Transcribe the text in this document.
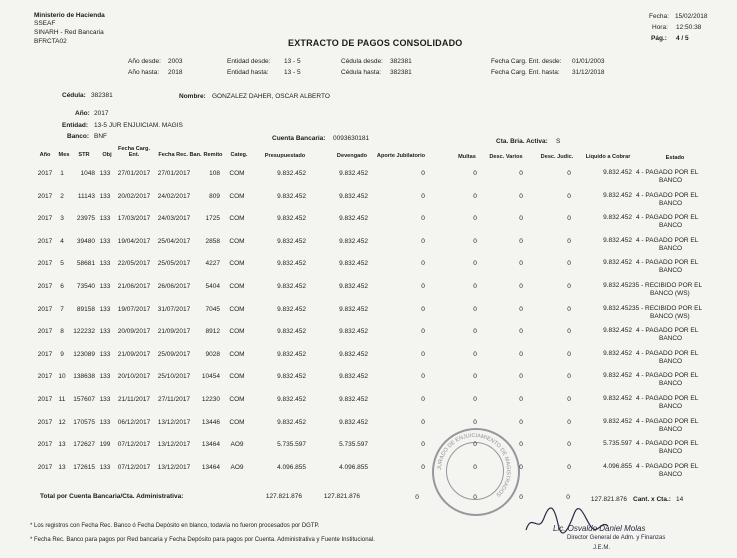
Ministerio de Hacienda
SSEAF
SINARH - Red Bancaria
BFRCTA02	EXTRACTO DE PAGOS CONSOLIDADO
Fecha: 15/02/2018
Hora: 12:50:38
Pág.: 4 / 5
Año desde: 2003
Año hasta: 2018
Entidad desde: 13 - 5
Entidad hasta: 13 - 5
Cédula desde: 382381
Cédula hasta: 382381
Fecha Carg. Ent. desde: 01/01/2003
Fecha Carg. Ent. hasta: 31/12/2018
Cédula: 382381	Nombre: GONZALEZ DAHER, OSCAR ALBERTO
Año: 2017
Entidad: 13-5 JUR ENJUICIAM. MAGIS
Banco: BNF	Cuenta Bancaria: 0093630181	Cta. Bria. Activa: S
Año	Mes	STR	Obj
Fecha Carg. Ent.	Fecha Rec. Ban. Remito	Categ.	Presupuestado	Devengado	Aporte Jubilatorio	Multas	Desc. Varios	Desc. Judic.	Líquido a Cobrar	Estado
2017	1	1048 133	27/01/2017	27/01/2017	108	COM	9.832.452	9.832.452	0	0	0	0	9.832.452 4 - PAGADO POR EL
BANCO
2017	2	11143 133	20/02/2017	24/02/2017	809	COM	9.832.452	9.832.452	0	0	0	0	9.832.452 4 - PAGADO POR EL
BANCO
2017	3	23975 133	17/03/2017	24/03/2017	1725	COM	9.832.452	9.832.452	0	0	0	0	9.832.452 4 - PAGADO POR EL
BANCO
2017	4	39480 133	19/04/2017	25/04/2017	2858	COM	9.832.452	9.832.452	0	0	0	0	9.832.452 4 - PAGADO POR EL
BANCO
2017	5	58681 133	22/05/2017	25/05/2017	4227	COM	9.832.452	9.832.452	0	0	0	0	9.832.452 4 - PAGADO POR EL
BANCO
2017	6	73540 133	21/06/2017	26/06/2017	5404	COM	9.832.452	9.832.452	0	0	0	0	9.832.452 35 - RECIBIDO POR EL
BANCO (WS)
2017	7	89158 133	19/07/2017	31/07/2017	7045	COM	9.832.452	9.832.452	0	0	0	0	9.832.452 35 - RECIBIDO POR EL
BANCO (WS)
2017	8	122232 133	20/09/2017	21/09/2017	8912	COM	9.832.452	9.832.452	0	0	0	0	9.832.452 4 - PAGADO POR EL
BANCO
2017	9	123089 133	21/09/2017	25/09/2017	9028	COM	9.832.452	9.832.452	0	0	0	0	9.832.452 4 - PAGADO POR EL
BANCO
2017 10	138638 133	20/10/2017	25/10/2017	10454	COM	9.832.452	9.832.452	0	0	0	0	9.832.452 4 - PAGADO POR EL
BANCO
2017 11	157607 133	21/11/2017	27/11/2017	12230	COM	9.832.452	9.832.452	0	0	0	0	9.832.452 4 - PAGADO POR EL
BANCO
2017 12	170575 133	06/12/2017	13/12/2017	13446	COM	9.832.452	9.832.452	0	0	0	0	9.832.452 4 - PAGADO POR EL
BANCO
2017 13	172627 199	07/12/2017	13/12/2017	13464	AO9	5.735.597	5.735.597	0	0	0	0	5.735.597 4 - PAGADO POR EL
BANCO
2017 13	172615 133	07/12/2017	13/12/2017	13464	AO9	4.096.855	4.096.855	0	0	0	0	4.096.855 4 - PAGADO POR EL
BANCO
Total por Cuenta Bancaria/Cta. Administrativa:	127.821.876	127.821.876	0	0	0	0	127.821.876 Cant. x Cta.: 14
* Los registros con Fecha Rec. Banco ó Fecha Depósito en blanco, todavía no fueron procesados por DGTP.
* Fecha Rec. Banco para pagos por Red bancaria y Fecha Depósito para pagos por Cuenta. Administrativa y Fuente Institucional.
JURADO DE ENJUICIAMIENTO DE MAGISTRADOS
Lic. Osvaldo Daniel Molas
Director General de Adm. y Finanzas
J.E.M.
